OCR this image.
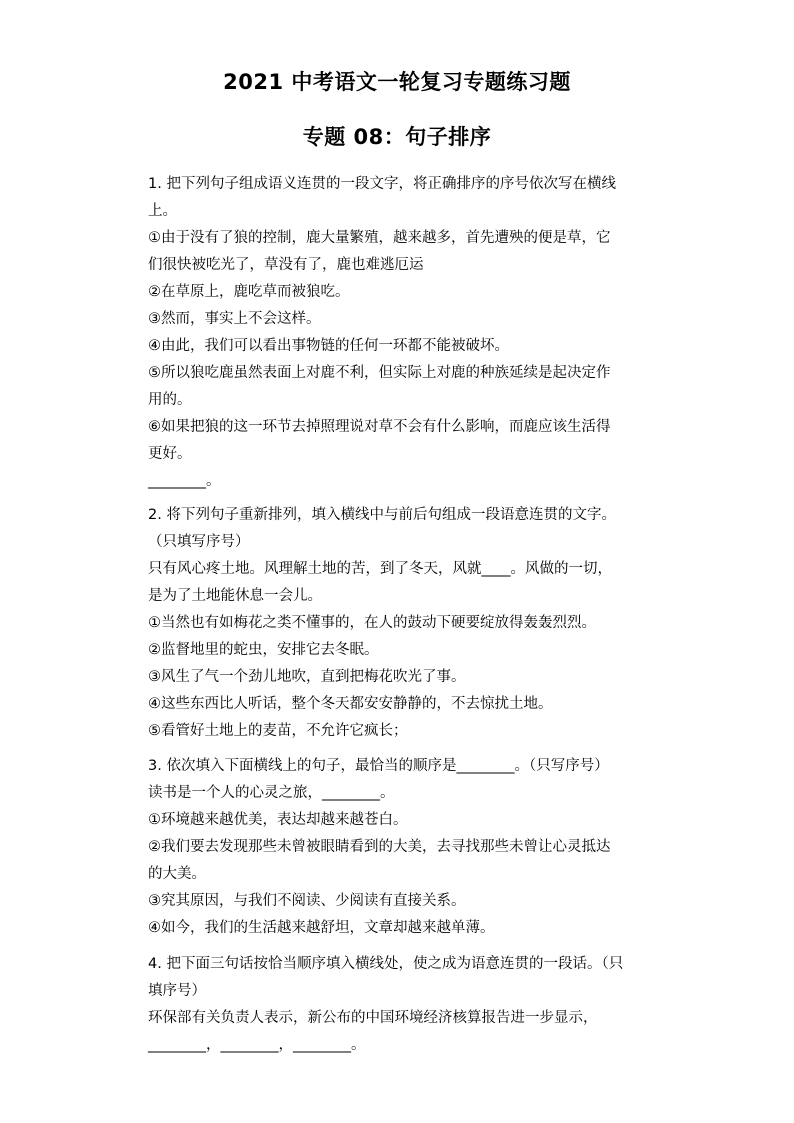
2021 中考语文一轮复习专题练习题
专题 08：句子排序

1. 把下列句子组成语义连贯的一段文字，将正确排序的序号依次写在横线

上。

①由于没有了狼的控制，鹿大量繁殖，越来越多，首先遭殃的便是草，它

们很快被吃光了，草没有了，鹿也难逃厄运

②在草原上，鹿吃草而被狼吃。

③然而，事实上不会这样。

④由此，我们可以看出事物链的任何一环都不能被破坏。

⑤所以狼吃鹿虽然表面上对鹿不利，但实际上对鹿的种族延续是起决定作

用的。

⑥如果把狼的这一环节去掉照理说对草不会有什么影响，而鹿应该生活得

更好。

________。

2. 将下列句子重新排列，填入横线中与前后句组成一段语意连贯的文字。

（只填写序号）

只有风心疼土地。风理解土地的苦，到了冬天，风就____。风做的一切，

是为了土地能休息一会儿。

①当然也有如梅花之类不懂事的，在人的鼓动下硬要绽放得轰轰烈烈。

②监督地里的蛇虫，安排它去冬眠。

③风生了气一个劲儿地吹，直到把梅花吹光了事。

④这些东西比人听话，整个冬天都安安静静的，不去惊扰土地。

⑤看管好土地上的麦苗，不允许它疯长；

3. 依次填入下面横线上的句子，最恰当的顺序是________。（只写序号）

读书是一个人的心灵之旅，________。

①环境越来越优美，表达却越来越苍白。

②我们要去发现那些未曾被眼睛看到的大美，去寻找那些未曾让心灵抵达

的大美。

③究其原因，与我们不阅读、少阅读有直接关系。

④如今，我们的生活越来越舒坦，文章却越来越单薄。

4. 把下面三句话按恰当顺序填入横线处，使之成为语意连贯的一段话。（只

填序号）

环保部有关负责人表示，新公布的中国环境经济核算报告进一步显示，

________，________，________。
